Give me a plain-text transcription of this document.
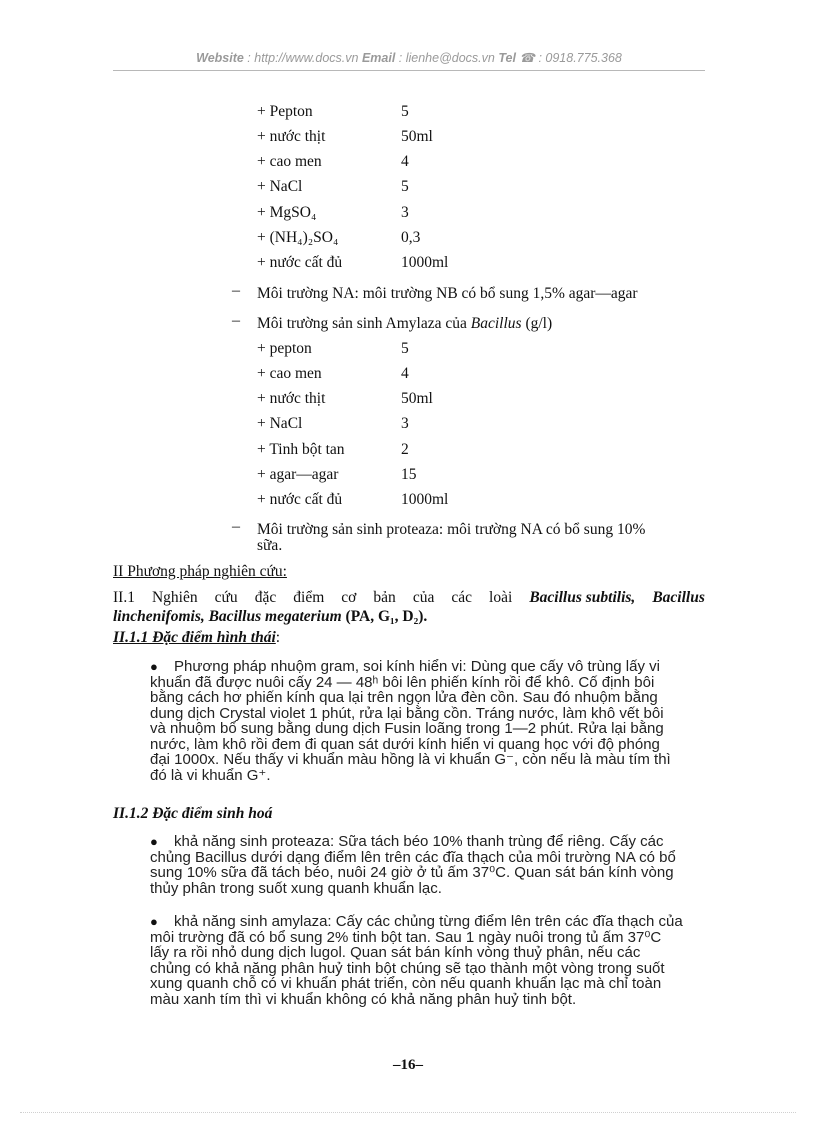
Website : http://www.docs.vn Email : lienhe@docs.vn Tel ☎ : 0918.775.368
+ Pepton	5
+ nước thịt	50ml
+ cao men	4
+ NaCl	5
+ MgSO₄	3
+ (NH₄)₂SO₄	0,3
+ nước cất đủ	1000ml
– Môi trường NA: môi trường NB có bổ sung 1,5% agar—agar
– Môi trường sản sinh Amylaza của Bacillus (g/l)
+ pepton	5
+ cao men	4
+ nước thịt	50ml
+ NaCl	3
+ Tinh bột tan	2
+ agar—agar	15
+ nước cất đủ	1000ml
– Môi trường sản sinh proteaza: môi trường NA có bổ sung 10%
sữa.
II Phương pháp nghiên cứu:
II.1 Nghiên cứu đặc điểm cơ bản của các loài Bacillus subtilis, Bacillus
linchenifomis, Bacillus megaterium (PA, G₁, D₂).
II.1.1 Đặc điểm hình thái:
●	Phương pháp nhuộm gram, soi kính hiển vi: Dùng que cấy vô trùng lấy vi
khuẩn đã được nuôi cấy 24 — 48ʰ bôi lên phiến kính rồi để khô. Cố định bôi
bằng cách hơ phiến kính qua lại trên ngọn lửa đèn cồn. Sau đó nhuộm bằng
dung dịch Crystal violet 1 phút, rửa lại bằng cồn. Tráng nước, làm khô vết bôi
và nhuộm bổ sung bằng dung dịch Fusin loãng trong 1—2 phút. Rửa lại bằng
nước, làm khô rồi đem đi quan sát dưới kính hiển vi quang học với độ phóng
đại 1000x. Nếu thấy vi khuẩn màu hồng là vi khuẩn G⁻, còn nếu là màu tím thì
đó là vi khuẩn G⁺.
II.1.2 Đặc điểm sinh hoá
●	khả năng sinh proteaza: Sữa tách béo 10% thanh trùng để riêng. Cấy các
chủng Bacillus dưới dạng điểm lên trên các đĩa thạch của môi trường NA có bổ
sung 10% sữa đã tách béo, nuôi 24 giờ ở tủ ấm 37⁰C. Quan sát bán kính vòng
thủy phân trong suốt xung quanh khuẩn lạc.
●	khả năng sinh amylaza: Cấy các chủng từng điểm lên trên các đĩa thạch của
môi trường đã có bổ sung 2% tinh bột tan. Sau 1 ngày nuôi trong tủ ấm 37⁰C
lấy ra rồi nhỏ dung dịch lugol. Quan sát bán kính vòng thuỷ phân, nếu các
chủng có khả năng phân huỷ tinh bột chúng sẽ tạo thành một vòng trong suốt
xung quanh chỗ có vi khuẩn phát triển, còn nếu quanh khuẩn lạc mà chỉ toàn
màu xanh tím thì vi khuẩn không có khả năng phân huỷ tinh bột.
–16–
